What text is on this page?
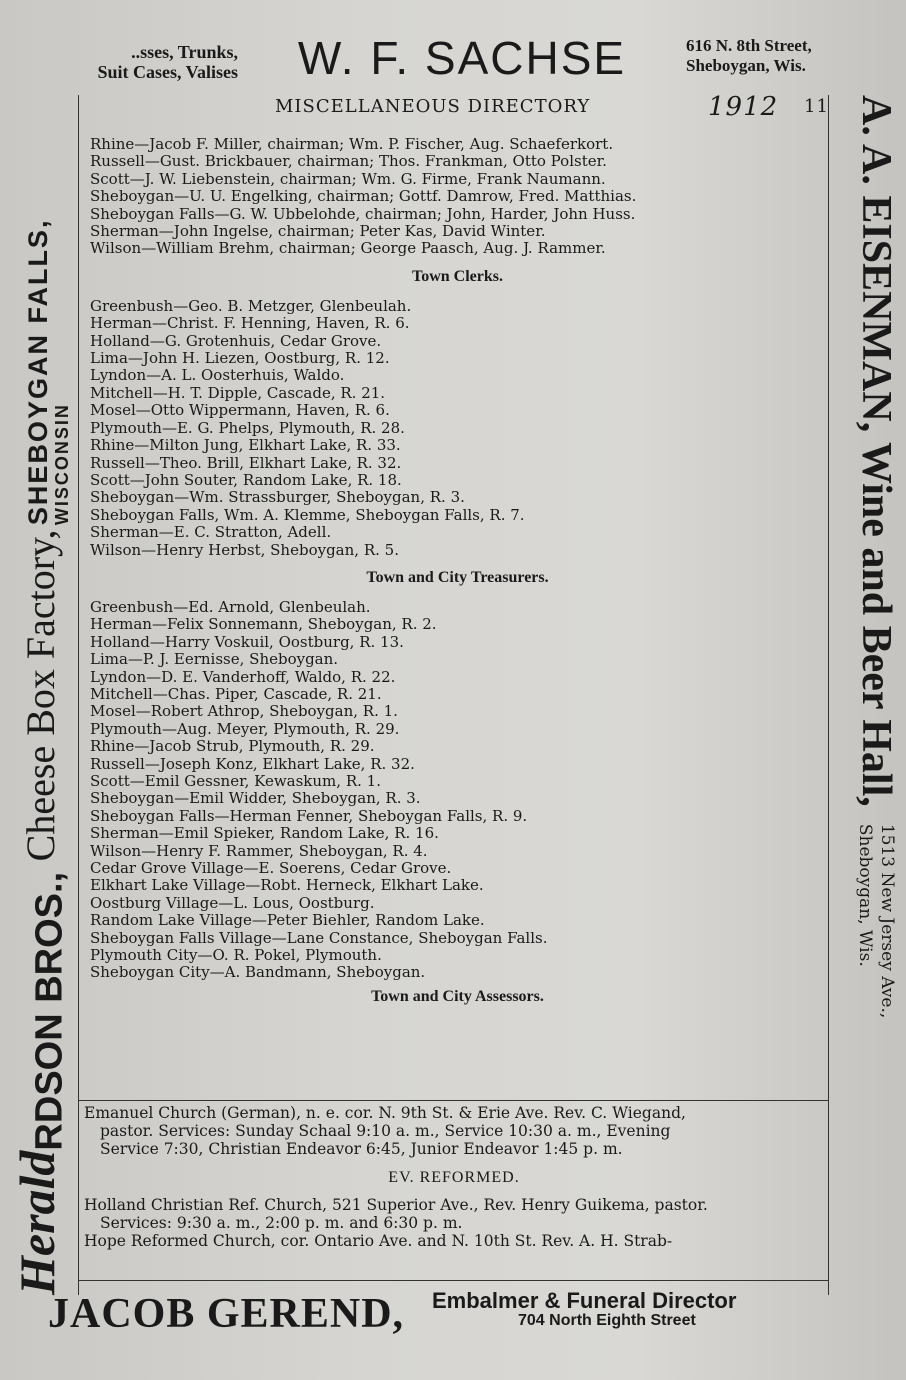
..sses, Trunks,
Suit Cases, Valises	W. F. SACHSE	616 N. 8th Street,
Sheboygan, Wis.
HeraldRDSON BROS., Cheese Box Factory,
SHEBOYGAN FALLS, WISCONSIN	A. A. EISENMAN, Wine and Beer Hall,
1513 New Jersey Ave.,
Sheboygan, Wis.
MISCELLANEOUS DIRECTORY	1912 11
Rhine—Jacob F. Miller, chairman; Wm. P. Fischer, Aug. Schaeferkort.
Russell—Gust. Brickbauer, chairman; Thos. Frankman, Otto Polster.
Scott—J. W. Liebenstein, chairman; Wm. G. Firme, Frank Naumann.
Sheboygan—U. U. Engelking, chairman; Gottf. Damrow, Fred. Matthias.
Sheboygan Falls—G. W. Ubbelohde, chairman; John, Harder, John Huss.
Sherman—John Ingelse, chairman; Peter Kas, David Winter.
Wilson—William Brehm, chairman; George Paasch, Aug. J. Rammer.
Town Clerks.
Greenbush—Geo. B. Metzger, Glenbeulah.
Herman—Christ. F. Henning, Haven, R. 6.
Holland—G. Grotenhuis, Cedar Grove.
Lima—John H. Liezen, Oostburg, R. 12.
Lyndon—A. L. Oosterhuis, Waldo.
Mitchell—H. T. Dipple, Cascade, R. 21.
Mosel—Otto Wippermann, Haven, R. 6.
Plymouth—E. G. Phelps, Plymouth, R. 28.
Rhine—Milton Jung, Elkhart Lake, R. 33.
Russell—Theo. Brill, Elkhart Lake, R. 32.
Scott—John Souter, Random Lake, R. 18.
Sheboygan—Wm. Strassburger, Sheboygan, R. 3.
Sheboygan Falls, Wm. A. Klemme, Sheboygan Falls, R. 7.
Sherman—E. C. Stratton, Adell.
Wilson—Henry Herbst, Sheboygan, R. 5.
Town and City Treasurers.
Greenbush—Ed. Arnold, Glenbeulah.
Herman—Felix Sonnemann, Sheboygan, R. 2.
Holland—Harry Voskuil, Oostburg, R. 13.
Lima—P. J. Eernisse, Sheboygan.
Lyndon—D. E. Vanderhoff, Waldo, R. 22.
Mitchell—Chas. Piper, Cascade, R. 21.
Mosel—Robert Athrop, Sheboygan, R. 1.
Plymouth—Aug. Meyer, Plymouth, R. 29.
Rhine—Jacob Strub, Plymouth, R. 29.
Russell—Joseph Konz, Elkhart Lake, R. 32.
Scott—Emil Gessner, Kewaskum, R. 1.
Sheboygan—Emil Widder, Sheboygan, R. 3.
Sheboygan Falls—Herman Fenner, Sheboygan Falls, R. 9.
Sherman—Emil Spieker, Random Lake, R. 16.
Wilson—Henry F. Rammer, Sheboygan, R. 4.
Cedar Grove Village—E. Soerens, Cedar Grove.
Elkhart Lake Village—Robt. Herneck, Elkhart Lake.
Oostburg Village—L. Lous, Oostburg.
Random Lake Village—Peter Biehler, Random Lake.
Sheboygan Falls Village—Lane Constance, Sheboygan Falls.
Plymouth City—O. R. Pokel, Plymouth.
Sheboygan City—A. Bandmann, Sheboygan.
Town and City Assessors.
Emanuel Church (German), n. e. cor. N. 9th St. & Erie Ave. Rev. C. Wiegand,
pastor. Services: Sunday Schaal 9:10 a. m., Service 10:30 a. m., Evening
Service 7:30, Christian Endeavor 6:45, Junior Endeavor 1:45 p. m.
EV. REFORMED.
Holland Christian Ref. Church, 521 Superior Ave., Rev. Henry Guikema, pastor.
Services: 9:30 a. m., 2:00 p. m. and 6:30 p. m.
Hope Reformed Church, cor. Ontario Ave. and N. 10th St. Rev. A. H. Strab-
JACOB GEREND, Embalmer & Funeral Director
704 North Eighth Street
